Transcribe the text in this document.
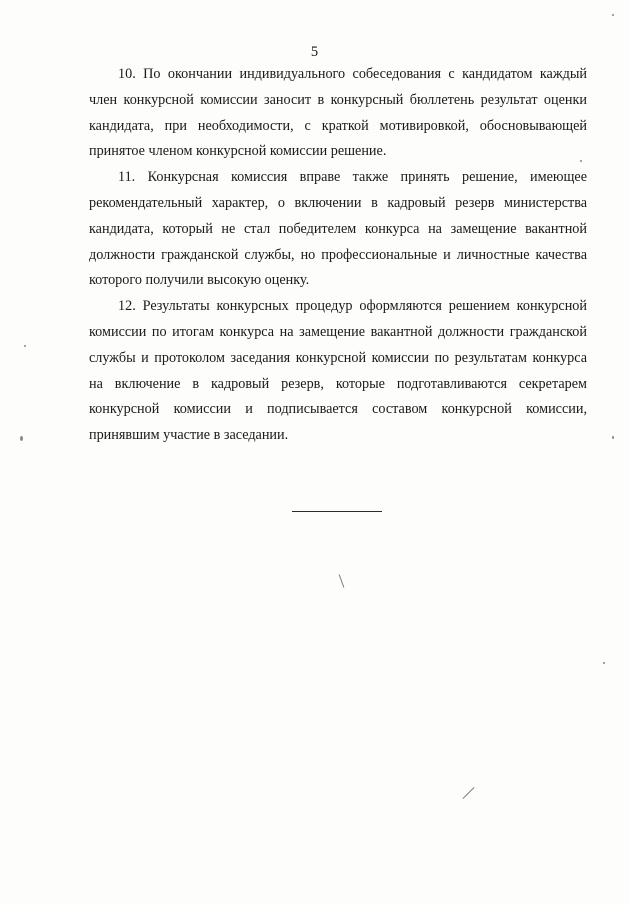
5

10. По окончании индивидуального собеседования с кандидатом каждый член конкурсной комиссии заносит в конкурсный бюллетень результат оценки кандидата, при необходимости, с краткой мотивировкой, обосновывающей принятое членом конкурсной комиссии решение.

11. Конкурсная комиссия вправе также принять решение, имеющее рекомендательный характер, о включении в кадровый резерв министерства кандидата, который не стал победителем конкурса на замещение вакантной должности гражданской службы, но профессиональные и личностные качества которого получили высокую оценку.

12. Результаты конкурсных процедур оформляются решением конкурсной комиссии по итогам конкурса на замещение вакантной должности гражданской службы и протоколом заседания конкурсной комиссии по результатам конкурса на включение в кадровый резерв, которые подготавливаются секретарем конкурсной комиссии и подписывается составом конкурсной комиссии, принявшим участие в заседании.
